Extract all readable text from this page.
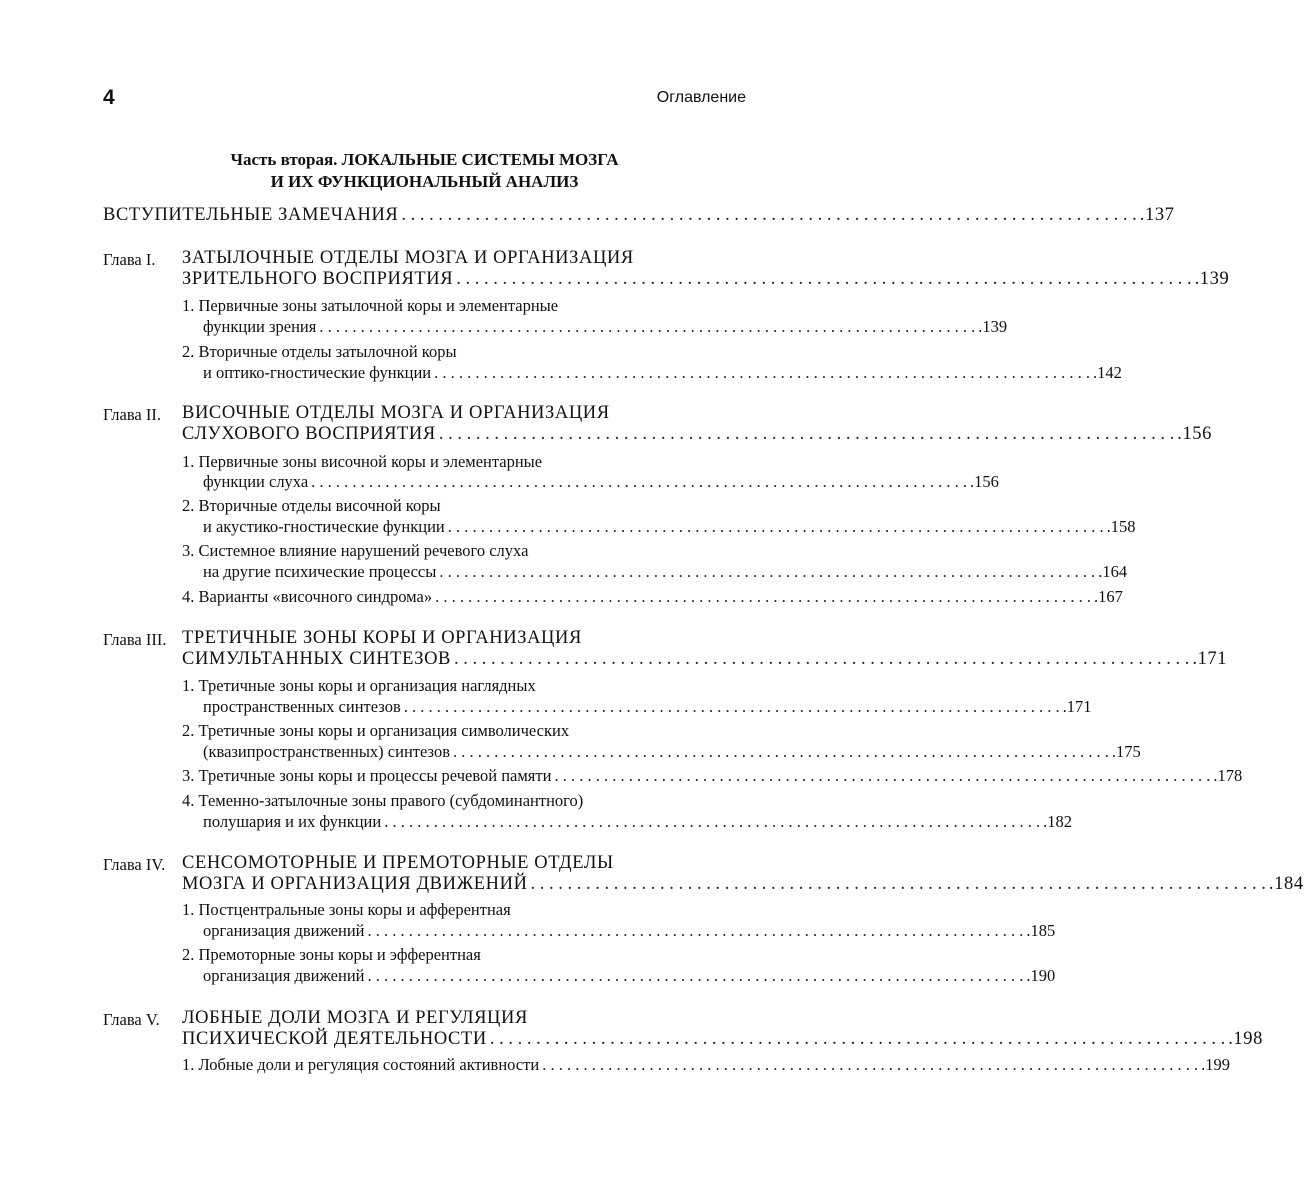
4	Оглавление
Часть вторая. ЛОКАЛЬНЫЕ СИСТЕМЫ МОЗГА
И ИХ ФУНКЦИОНАЛЬНЫЙ АНАЛИЗ
ВСТУПИТЕЛЬНЫЕ ЗАМЕЧАНИЯ . . . . . . . . . . . . . . . . . . . . . . . . . . . . . . . . . . . . . . . . . . . . . . . . . . . . . . . . . . . . . . . . . . . . . . . . . . . . . . . . .137
Глава I. ЗАТЫЛОЧНЫЕ ОТДЕЛЫ МОЗГА И ОРГАНИЗАЦИЯ
ЗРИТЕЛЬНОГО ВОСПРИЯТИЯ . . . . . . . . . . . . . . . . . . . . . . . . . . . . . . . . . . . . . . . . . . . . . . . . . . . . . . . . . . . . . . . . . . . . . . . . . . . . . . . . .139
1. Первичные зоны затылочной коры и элементарные
функции зрения . . . . . . . . . . . . . . . . . . . . . . . . . . . . . . . . . . . . . . . . . . . . . . . . . . . . . . . . . . . . . . . . . . . . . . . . . . . . . . . . .139
2. Вторичные отделы затылочной коры
и оптико-гностические функции . . . . . . . . . . . . . . . . . . . . . . . . . . . . . . . . . . . . . . . . . . . . . . . . . . . . . . . . . . . . . . . . . . . . . . . . . . . . . . . . .142
Глава II. ВИСОЧНЫЕ ОТДЕЛЫ МОЗГА И ОРГАНИЗАЦИЯ
СЛУХОВОГО ВОСПРИЯТИЯ . . . . . . . . . . . . . . . . . . . . . . . . . . . . . . . . . . . . . . . . . . . . . . . . . . . . . . . . . . . . . . . . . . . . . . . . . . . . . . . . .156
1. Первичные зоны височной коры и элементарные
функции слуха . . . . . . . . . . . . . . . . . . . . . . . . . . . . . . . . . . . . . . . . . . . . . . . . . . . . . . . . . . . . . . . . . . . . . . . . . . . . . . . . .156
2. Вторичные отделы височной коры
и акустико-гностические функции . . . . . . . . . . . . . . . . . . . . . . . . . . . . . . . . . . . . . . . . . . . . . . . . . . . . . . . . . . . . . . . . . . . . . . . . . . . . . . . . .158
3. Системное влияние нарушений речевого слуха
на другие психические процессы . . . . . . . . . . . . . . . . . . . . . . . . . . . . . . . . . . . . . . . . . . . . . . . . . . . . . . . . . . . . . . . . . . . . . . . . . . . . . . . . .164
4. Варианты «височного синдрома» . . . . . . . . . . . . . . . . . . . . . . . . . . . . . . . . . . . . . . . . . . . . . . . . . . . . . . . . . . . . . . . . . . . . . . . . . . . . . . . . .167
Глава III. ТРЕТИЧНЫЕ ЗОНЫ КОРЫ И ОРГАНИЗАЦИЯ
СИМУЛЬТАННЫХ СИНТЕЗОВ . . . . . . . . . . . . . . . . . . . . . . . . . . . . . . . . . . . . . . . . . . . . . . . . . . . . . . . . . . . . . . . . . . . . . . . . . . . . . . . . .171
1. Третичные зоны коры и организация наглядных
пространственных синтезов . . . . . . . . . . . . . . . . . . . . . . . . . . . . . . . . . . . . . . . . . . . . . . . . . . . . . . . . . . . . . . . . . . . . . . . . . . . . . . . . .171
2. Третичные зоны коры и организация символических
(квазипространственных) синтезов . . . . . . . . . . . . . . . . . . . . . . . . . . . . . . . . . . . . . . . . . . . . . . . . . . . . . . . . . . . . . . . . . . . . . . . . . . . . . . . . .175
3. Третичные зоны коры и процессы речевой памяти . . . . . . . . . . . . . . . . . . . . . . . . . . . . . . . . . . . . . . . . . . . . . . . . . . . . . . . . . . . . . . . . . . . . . . . . . . . . . . . . .178
4. Теменно-затылочные зоны правого (субдоминантного)
полушария и их функции . . . . . . . . . . . . . . . . . . . . . . . . . . . . . . . . . . . . . . . . . . . . . . . . . . . . . . . . . . . . . . . . . . . . . . . . . . . . . . . . .182
Глава IV. СЕНСОМОТОРНЫЕ И ПРЕМОТОРНЫЕ ОТДЕЛЫ
МОЗГА И ОРГАНИЗАЦИЯ ДВИЖЕНИЙ . . . . . . . . . . . . . . . . . . . . . . . . . . . . . . . . . . . . . . . . . . . . . . . . . . . . . . . . . . . . . . . . . . . . . . . . . . . . . . . . .184
1. Постцентральные зоны коры и афферентная
организация движений . . . . . . . . . . . . . . . . . . . . . . . . . . . . . . . . . . . . . . . . . . . . . . . . . . . . . . . . . . . . . . . . . . . . . . . . . . . . . . . . .185
2. Премоторные зоны коры и эфферентная
организация движений . . . . . . . . . . . . . . . . . . . . . . . . . . . . . . . . . . . . . . . . . . . . . . . . . . . . . . . . . . . . . . . . . . . . . . . . . . . . . . . . .190
Глава V. ЛОБНЫЕ ДОЛИ МОЗГА И РЕГУЛЯЦИЯ
ПСИХИЧЕСКОЙ ДЕЯТЕЛЬНОСТИ . . . . . . . . . . . . . . . . . . . . . . . . . . . . . . . . . . . . . . . . . . . . . . . . . . . . . . . . . . . . . . . . . . . . . . . . . . . . . . . . .198
1. Лобные доли и регуляция состояний активности . . . . . . . . . . . . . . . . . . . . . . . . . . . . . . . . . . . . . . . . . . . . . . . . . . . . . . . . . . . . . . . . . . . . . . . . . . . . . . . . .199
